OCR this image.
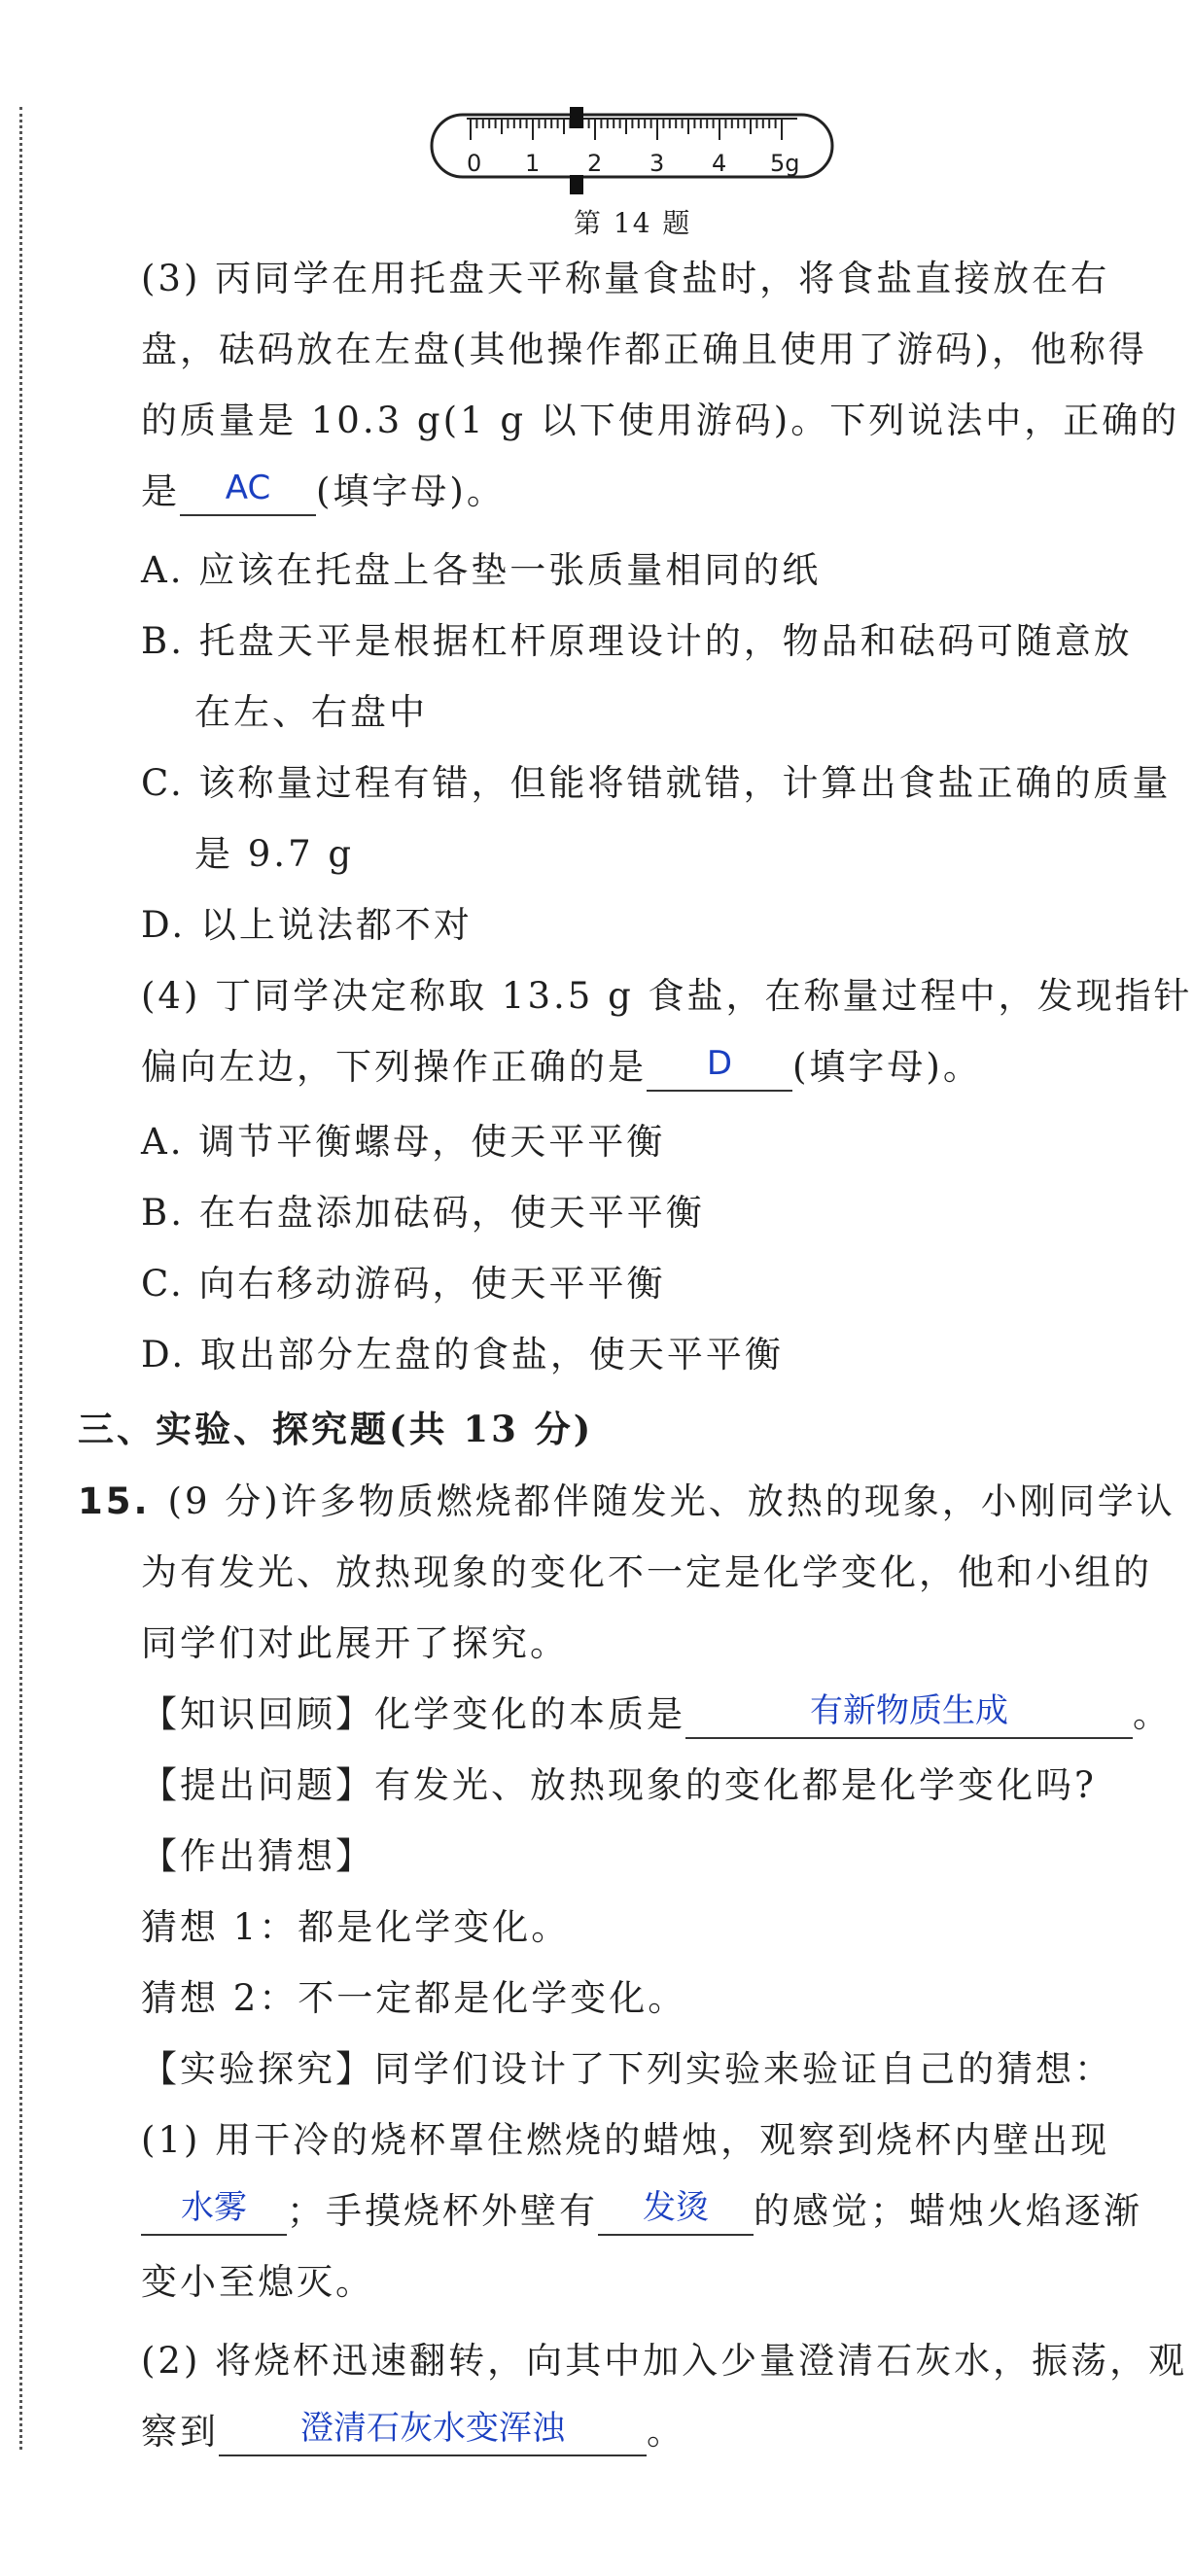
0 1 2 3 4 5g
第 14 题
(3) 丙同学在用托盘天平称量食盐时，将食盐直接放在右
盘，砝码放在左盘(其他操作都正确且使用了游码)，他称得
的质量是 10.3 g(1 g 以下使用游码)。下列说法中，正确的
是	AC	(填字母)。
A. 应该在托盘上各垫一张质量相同的纸
B. 托盘天平是根据杠杆原理设计的，物品和砝码可随意放
在左、右盘中
C. 该称量过程有错，但能将错就错，计算出食盐正确的质量
是 9.7 g
D. 以上说法都不对
(4) 丁同学决定称取 13.5 g 食盐，在称量过程中，发现指针
偏向左边，下列操作正确的是	D	(填字母)。
A. 调节平衡螺母，使天平平衡
B. 在右盘添加砝码，使天平平衡
C. 向右移动游码，使天平平衡
D. 取出部分左盘的食盐，使天平平衡
三、实验、探究题(共 13 分)
15. (9 分)许多物质燃烧都伴随发光、放热的现象，小刚同学认
为有发光、放热现象的变化不一定是化学变化，他和小组的
同学们对此展开了探究。
【知识回顾】化学变化的本质是	有新物质生成	。
【提出问题】有发光、放热现象的变化都是化学变化吗?
【作出猜想】
猜想 1：都是化学变化。
猜想 2：不一定都是化学变化。
【实验探究】同学们设计了下列实验来验证自己的猜想：
(1) 用干冷的烧杯罩住燃烧的蜡烛，观察到烧杯内壁出现
水雾	；手摸烧杯外壁有	发烫	的感觉；蜡烛火焰逐渐
变小至熄灭。
(2) 将烧杯迅速翻转，向其中加入少量澄清石灰水，振荡，观
察到	澄清石灰水变浑浊	。
